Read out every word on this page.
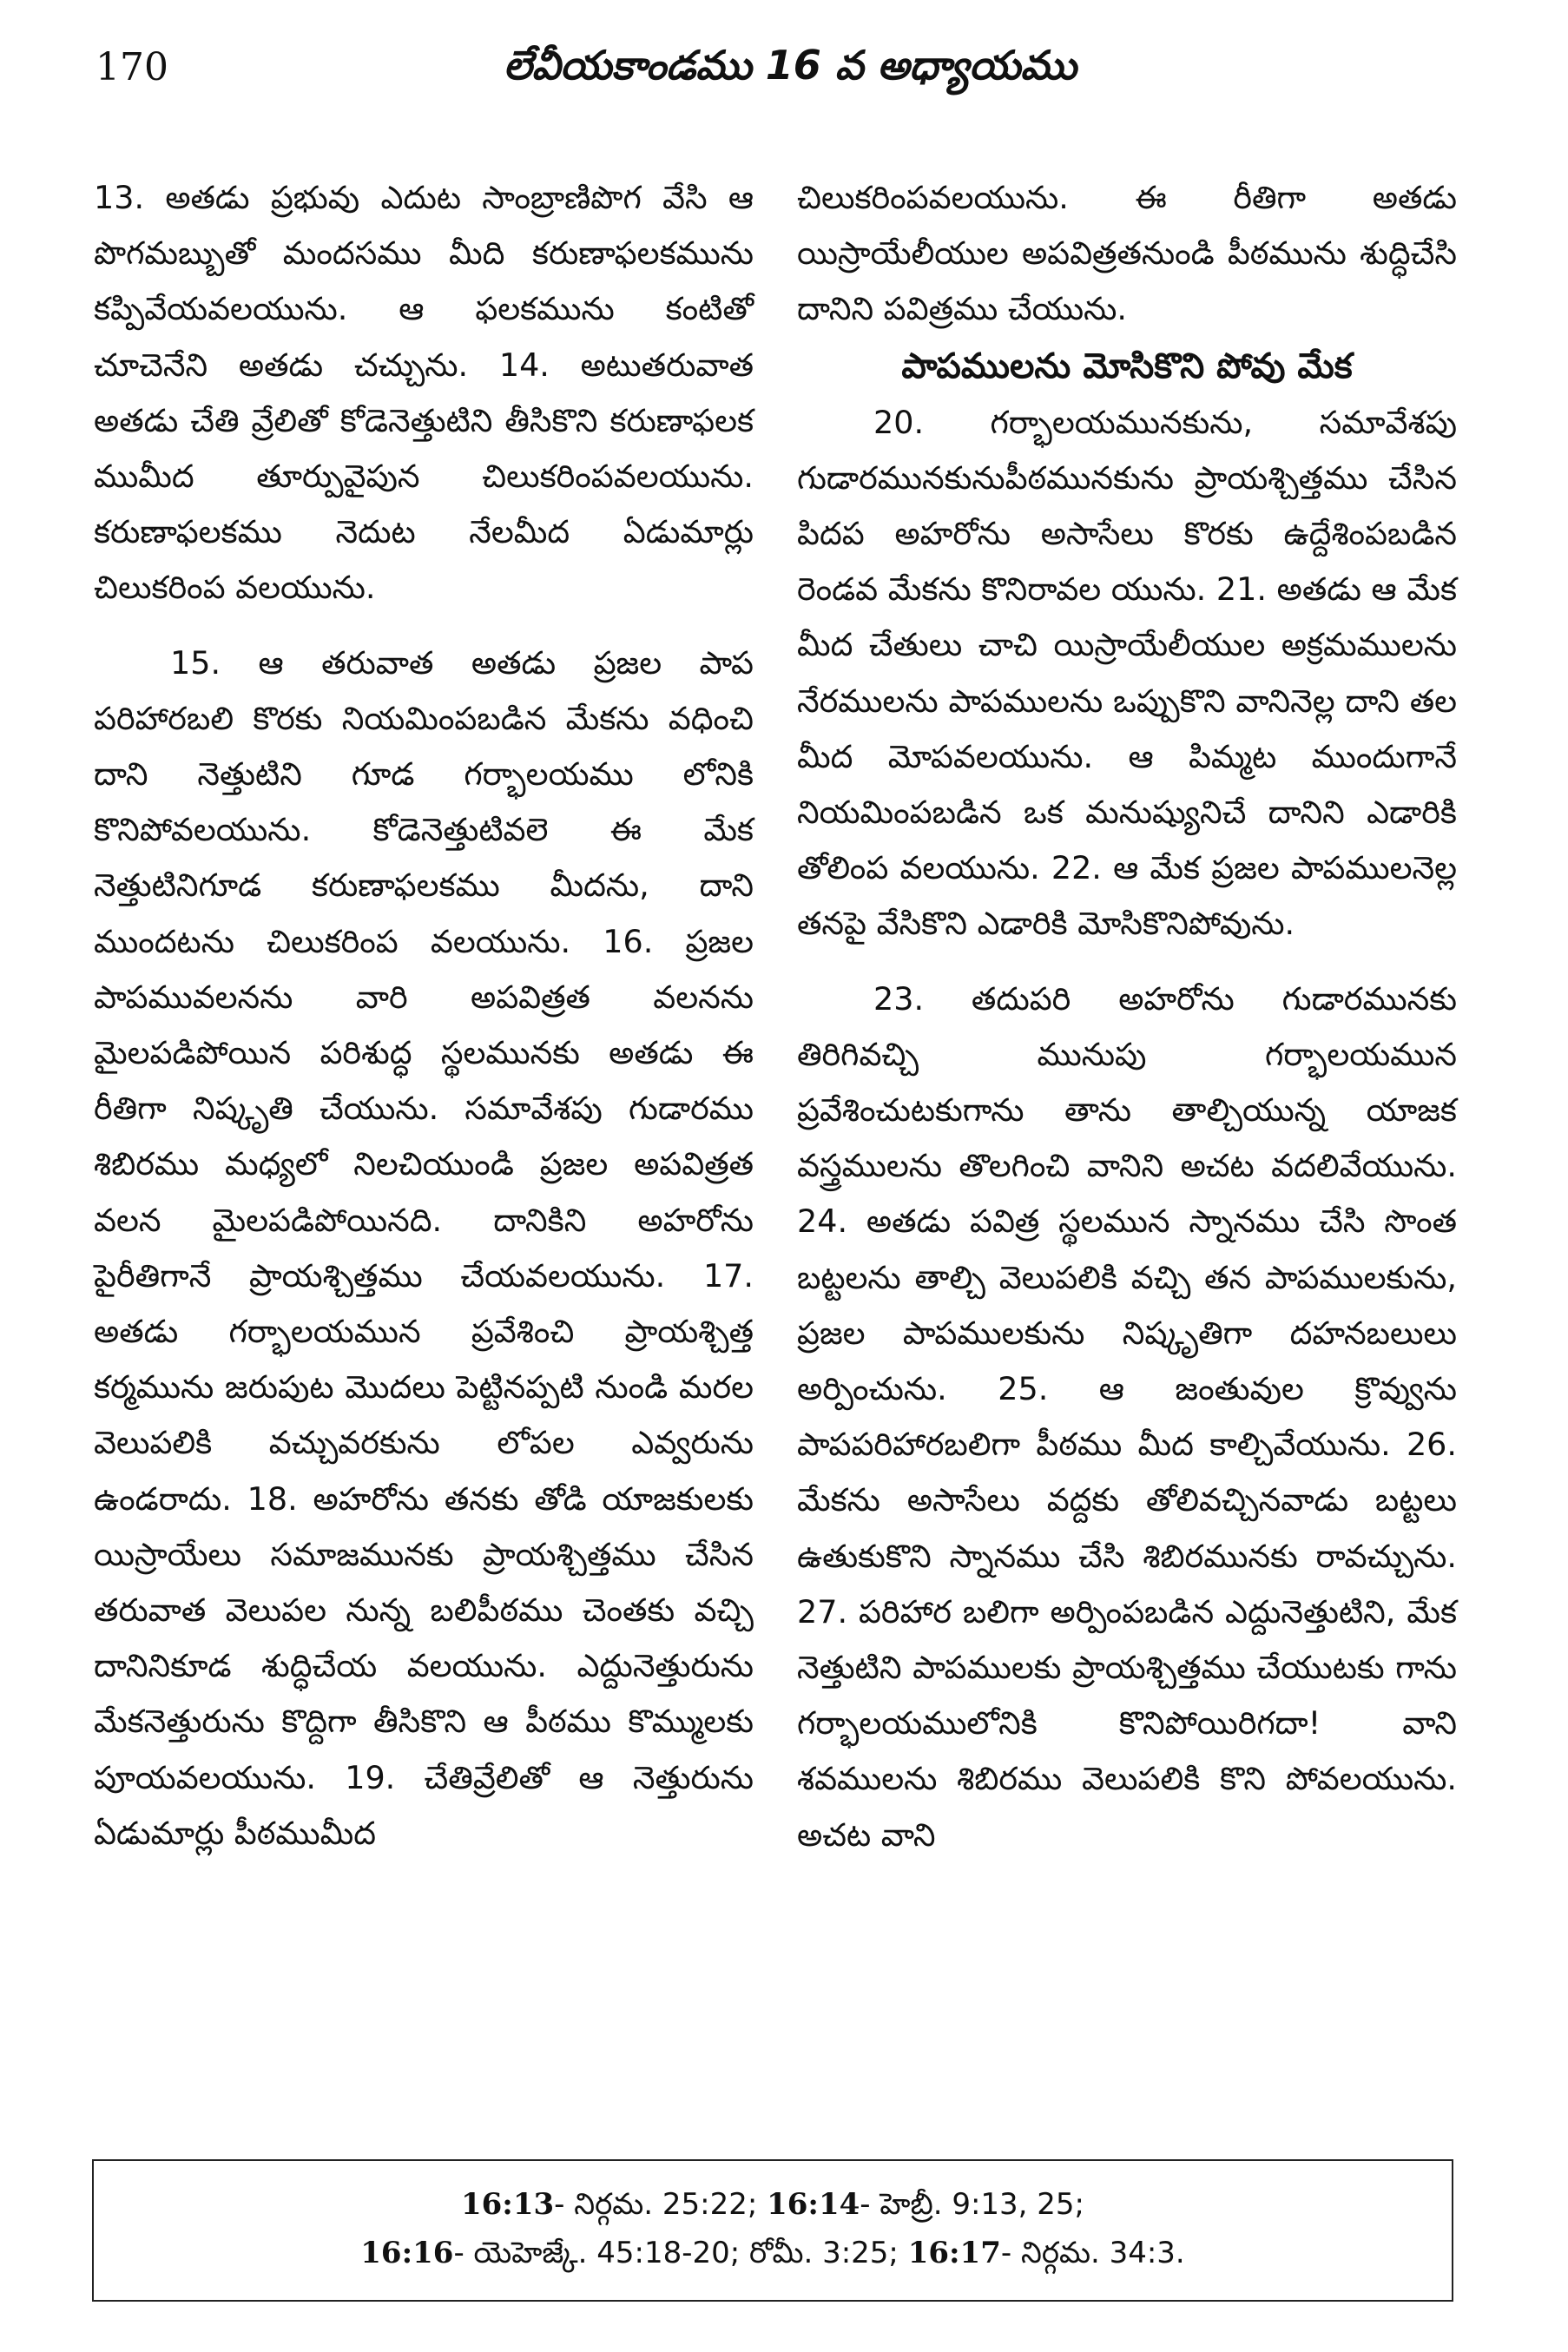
170	లేవీయకాండము 16 వ అధ్యాయము

13. అతడు ప్రభువు ఎదుట సాంబ్రాణిపొగ వేసి ఆ పొగమబ్బుతో మందసము మీది కరుణాఫలకమును కప్పివేయవలయును. ఆ ఫలకమును కంటితో చూచెనేని అతడు చచ్చును. 14. అటుతరువాత అతడు చేతి వ్రేలితో కోడెనెత్తుటిని తీసికొని కరుణాఫలక ముమీద తూర్పువైపున చిలుకరింపవలయును. కరుణాఫలకము నెదుట నేలమీద ఏడుమార్లు చిలుకరింప వలయును.

15. ఆ తరువాత అతడు ప్రజల పాప పరిహారబలి కొరకు నియమింపబడిన మేకను వధించి దాని నెత్తుటిని గూడ గర్భాలయము లోనికి కొనిపోవలయును. కోడెనెత్తుటివలె ఈ మేక నెత్తుటినిగూడ కరుణాఫలకము మీదను, దాని ముందటను చిలుకరింప వలయును. 16. ప్రజల పాపమువలనను వారి అపవిత్రత వలనను మైలపడిపోయిన పరిశుద్ధ స్థలమునకు అతడు ఈ రీతిగా నిష్కృతి చేయును. సమావేశపు గుడారము శిబిరము మధ్యలో నిలచియుండి ప్రజల అపవిత్రత వలన మైలపడిపోయినది. దానికిని అహరోను పైరీతిగానే ప్రాయశ్చిత్తము చేయవలయును. 17. అతడు గర్భాలయమున ప్రవేశించి ప్రాయశ్చిత్త కర్మమును జరుపుట మొదలు పెట్టినప్పటి నుండి మరల వెలుపలికి వచ్చువరకును లోపల ఎవ్వరును ఉండరాదు. 18. అహరోను తనకు తోడి యాజకులకు యిస్రాయేలు సమాజమునకు ప్రాయశ్చిత్తము చేసిన తరువాత వెలుపల నున్న బలిపీఠము చెంతకు వచ్చి దానినికూడ శుద్ధిచేయ వలయును. ఎద్దునెత్తురును మేకనెత్తురును కొద్దిగా తీసికొని ఆ పీఠము కొమ్ములకు పూయవలయును. 19. చేతివ్రేలితో ఆ నెత్తురును ఏడుమార్లు పీఠముమీద

చిలుకరింపవలయును. ఈ రీతిగా అతడు యిస్రాయేలీయుల అపవిత్రతనుండి పీఠమును శుద్ధిచేసి దానిని పవిత్రము చేయును.

పాపములను మోసికొని పోవు మేక

20. గర్భాలయమునకును, సమావేశపు గుడారమునకునుపీఠమునకును ప్రాయశ్చిత్తము చేసిన పిదప అహరోను అసాసేలు కొరకు ఉద్దేశింపబడిన రెండవ మేకను కొనిరావల యును. 21. అతడు ఆ మేక మీద చేతులు చాచి యిస్రాయేలీయుల అక్రమములను నేరములను పాపములను ఒప్పుకొని వానినెల్ల దాని తల మీద మోపవలయును. ఆ పిమ్మట ముందుగానే నియమింపబడిన ఒక మనుష్యునిచే దానిని ఎడారికి తోలింప వలయును. 22. ఆ మేక ప్రజల పాపములనెల్ల తనపై వేసికొని ఎడారికి మోసికొనిపోవును.

23. తదుపరి అహరోను గుడారమునకు తిరిగివచ్చి మునుపు గర్భాలయమున ప్రవేశించుటకుగాను తాను తాల్చియున్న యాజక వస్త్రములను తొలగించి వానిని అచట వదలివేయును. 24. అతడు పవిత్ర స్థలమున స్నానము చేసి సొంత బట్టలను తాల్చి వెలుపలికి వచ్చి తన పాపములకును, ప్రజల పాపములకును నిష్కృతిగా దహనబలులు అర్పించును. 25. ఆ జంతువుల క్రొవ్వును పాపపరిహారబలిగా పీఠము మీద కాల్చివేయును. 26. మేకను అసాసేలు వద్దకు తోలివచ్చినవాడు బట్టలు ఉతుకుకొని స్నానము చేసి శిబిరమునకు రావచ్చును. 27. పరిహార బలిగా అర్పింపబడిన ఎద్దునెత్తుటిని, మేక నెత్తుటిని పాపములకు ప్రాయశ్చిత్తము చేయుటకు గాను గర్భాలయములోనికి కొనిపోయిరిగదా! వాని శవములను శిబిరము వెలుపలికి కొని పోవలయును. అచట వాని

16:13- నిర్గమ. 25:22; 16:14- హెబ్రీ. 9:13, 25;
16:16- యెహెజ్కే. 45:18-20; రోమీ. 3:25; 16:17- నిర్గమ. 34:3.
